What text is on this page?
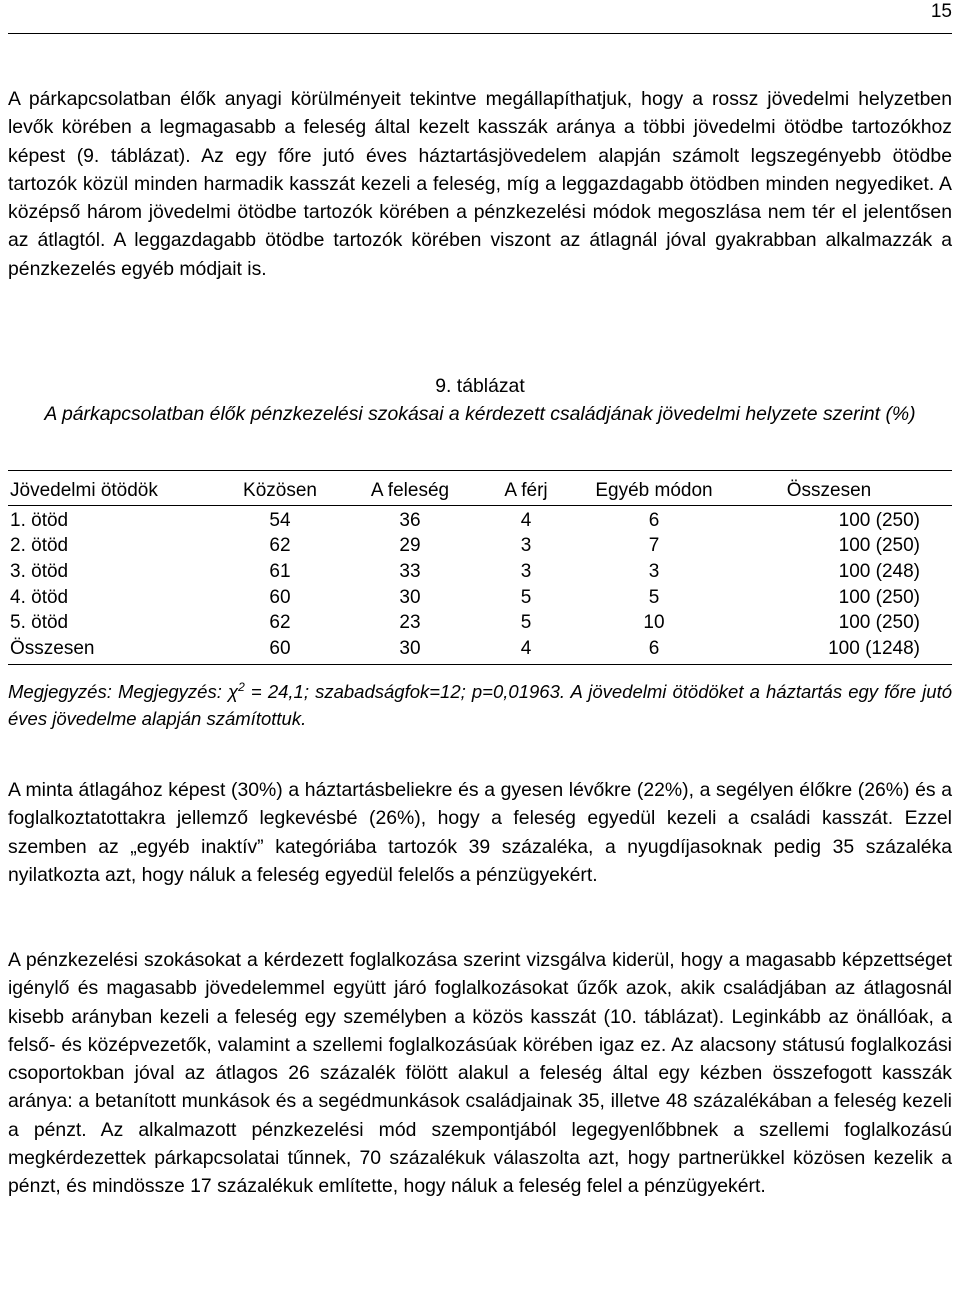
15

A párkapcsolatban élők anyagi körülményeit tekintve megállapíthatjuk, hogy a rossz jövedelmi helyzetben levők körében a legmagasabb a feleség által kezelt kasszák aránya a többi jövedelmi ötödbe tartozókhoz képest (9. táblázat). Az egy főre jutó éves háztartásjövedelem alapján számolt legszegényebb ötödbe tartozók közül minden harmadik kasszát kezeli a feleség, míg a leggazdagabb ötödben minden negyediket. A középső három jövedelmi ötödbe tartozók körében a pénzkezelési módok megoszlása nem tér el jelentősen az átlagtól. A leggazdagabb ötödbe tartozók körében viszont az átlagnál jóval gyakrabban alkalmazzák a pénzkezelés egyéb módjait is.

9. táblázat
A párkapcsolatban élők pénzkezelési szokásai a kérdezett családjának jövedelmi helyzete szerint (%)
Jövedelmi ötödök	Közösen	A feleség	A férj	Egyéb módon	Összesen
1. ötöd	54	36	4	6	100 (250)
2. ötöd	62	29	3	7	100 (250)
3. ötöd	61	33	3	3	100 (248)
4. ötöd	60	30	5	5	100 (250)
5. ötöd	62	23	5	10	100 (250)
Összesen	60	30	4	6	100 (1248)

Megjegyzés: Megjegyzés: $\chi^2 = 24,1$; szabadságfok=12; p=0,01963. A jövedelmi ötödöket a háztartás egy főre jutó éves jövedelme alapján számítottuk.

A minta átlagához képest (30%) a háztartásbeliekre és a gyesen lévőkre (22%), a segélyen élőkre (26%) és a foglalkoztatottakra jellemző legkevésbé (26%), hogy a feleség egyedül kezeli a családi kasszát. Ezzel szemben az „egyéb inaktív” kategóriába tartozók 39 százaléka, a nyugdíjasoknak pedig 35 százaléka nyilatkozta azt, hogy náluk a feleség egyedül felelős a pénzügyekért.

A pénzkezelési szokásokat a kérdezett foglalkozása szerint vizsgálva kiderül, hogy a magasabb képzettséget igénylő és magasabb jövedelemmel együtt járó foglalkozásokat űzők azok, akik családjában az átlagosnál kisebb arányban kezeli a feleség egy személyben a közös kasszát (10. táblázat). Leginkább az önállóak, a felső- és középvezetők, valamint a szellemi foglalkozásúak körében igaz ez. Az alacsony státusú foglalkozási csoportokban jóval az átlagos 26 százalék fölött alakul a feleség által egy kézben összefogott kasszák aránya: a betanított munkások és a segédmunkások családjainak 35, illetve 48 százalékában a feleség kezeli a pénzt. Az alkalmazott pénzkezelési mód szempontjából legegyenlőbbnek a szellemi foglalkozású megkérdezettek párkapcsolatai tűnnek, 70 százalékuk válaszolta azt, hogy partnerükkel közösen kezelik a pénzt, és mindössze 17 százalékuk említette, hogy náluk a feleség felel a pénzügyekért.
